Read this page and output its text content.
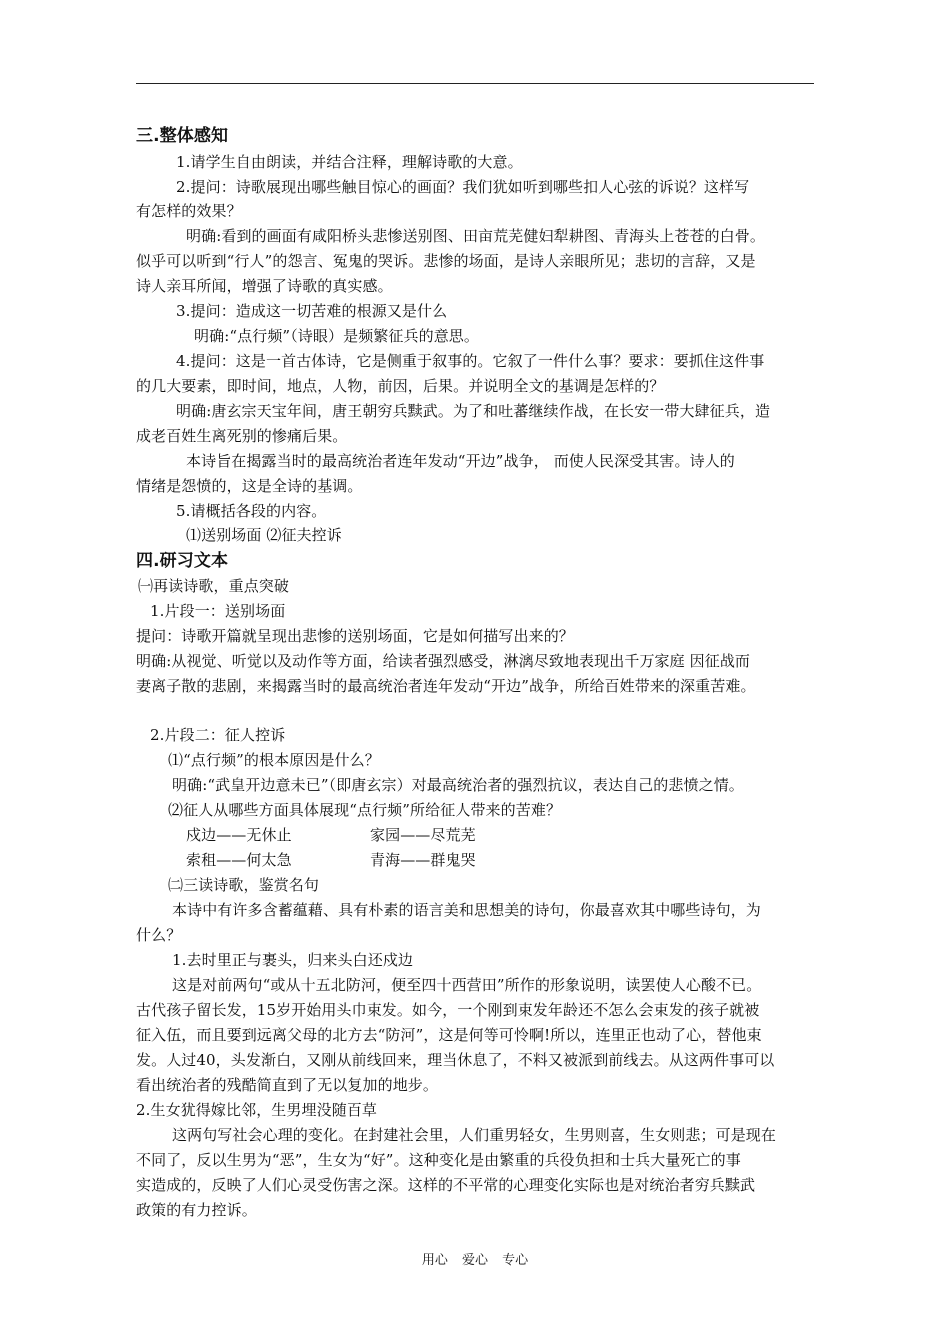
三.整体感知
1.请学生自由朗读，并结合注释，理解诗歌的大意。
2.提问：诗歌展现出哪些触目惊心的画面？我们犹如听到哪些扣人心弦的诉说？这样写
有怎样的效果？
明确:看到的画面有咸阳桥头悲惨送别图、田亩荒芜健妇犁耕图、青海头上苍苍的白骨。
似乎可以听到“行人”的怨言、冤鬼的哭诉。悲惨的场面，是诗人亲眼所见；悲切的言辞，又是
诗人亲耳所闻，增强了诗歌的真实感。
3.提问：造成这一切苦难的根源又是什么
明确:“点行频”（诗眼）是频繁征兵的意思。
4.提问：这是一首古体诗，它是侧重于叙事的。它叙了一件什么事？要求：要抓住这件事
的几大要素，即时间，地点，人物，前因，后果。并说明全文的基调是怎样的？
明确:唐玄宗天宝年间，唐王朝穷兵黩武。为了和吐蕃继续作战，在长安一带大肆征兵，造
成老百姓生离死别的惨痛后果。
本诗旨在揭露当时的最高统治者连年发动“开边”战争， 而使人民深受其害。诗人的
情绪是怨愤的，这是全诗的基调。
5.请概括各段的内容。
⑴送别场面 ⑵征夫控诉
四.研习文本
㈠再读诗歌，重点突破
1.片段一：送别场面
提问：诗歌开篇就呈现出悲惨的送别场面，它是如何描写出来的？
明确:从视觉、听觉以及动作等方面，给读者强烈感受，淋漓尽致地表现出千万家庭 因征战而
妻离子散的悲剧，来揭露当时的最高统治者连年发动“开边”战争，所给百姓带来的深重苦难。
2.片段二：征人控诉
⑴“点行频”的根本原因是什么？
明确:“武皇开边意未已”（即唐玄宗）对最高统治者的强烈抗议，表达自己的悲愤之情。
⑵征人从哪些方面具体展现“点行频”所给征人带来的苦难？
戍边——无休止	家园——尽荒芜
索租——何太急	青海——群鬼哭
㈡三读诗歌，鉴赏名句
本诗中有许多含蓄蕴藉、具有朴素的语言美和思想美的诗句，你最喜欢其中哪些诗句，为
什么？
1.去时里正与裹头，归来头白还戍边
这是对前两句“或从十五北防河，便至四十西营田”所作的形象说明，读罢使人心酸不已。
古代孩子留长发，15岁开始用头巾束发。如今，一个刚到束发年龄还不怎么会束发的孩子就被
征入伍，而且要到远离父母的北方去“防河”，这是何等可怜啊!所以，连里正也动了心，替他束
发。人过40，头发渐白，又刚从前线回来，理当休息了，不料又被派到前线去。从这两件事可以
看出统治者的残酷简直到了无以复加的地步。
2.生女犹得嫁比邻，生男埋没随百草
这两句写社会心理的变化。在封建社会里，人们重男轻女，生男则喜，生女则悲；可是现在
不同了，反以生男为“恶”，生女为“好”。这种变化是由繁重的兵役负担和士兵大量死亡的事
实造成的，反映了人们心灵受伤害之深。这样的不平常的心理变化实际也是对统治者穷兵黩武
政策的有力控诉。
用心 爱心 专心
